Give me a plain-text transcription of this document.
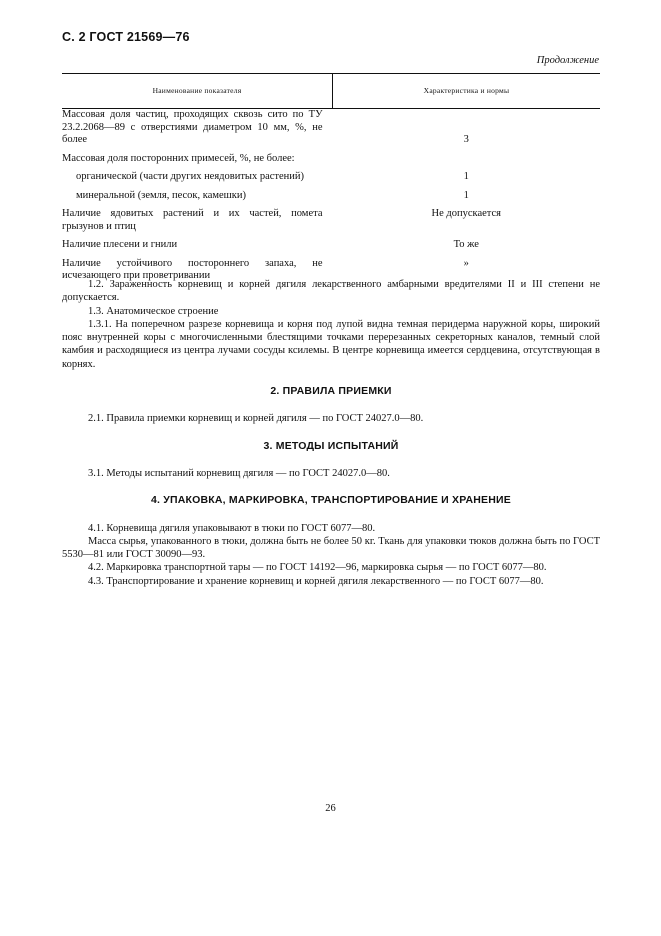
С. 2 ГОСТ 21569—76
Продолжение
Наименование показателя	Характеристика и нормы
Массовая доля частиц, проходящих сквозь сито по ТУ 23.2.2068—89 с отверстиями диаметром 10 мм, %, не более	3
Массовая доля посторонних примесей, %, не более:	
органической (части других неядовитых растений)	1
минеральной (земля, песок, камешки)	1
Наличие ядовитых растений и их частей, помета грызунов и птиц	Не допускается
Наличие плесени и гнили	То же
Наличие устойчивого постороннего запаха, не исчезающего при проветривании	»

1.2. Зараженность корневищ и корней дягиля лекарственного амбарными вредителями II и III степени не допускается.

1.3. Анатомическое строение

1.3.1. На поперечном разрезе корневища и корня под лупой видна темная перидерма наружной коры, широкий пояс внутренней коры с многочисленными блестящими точками перерезанных секреторных каналов, темный слой камбия и расходящиеся из центра лучами сосуды ксилемы. В центре корневища имеется сердцевина, отсутствующая в корнях.

2. ПРАВИЛА ПРИЕМКИ

2.1. Правила приемки корневищ и корней дягиля — по ГОСТ 24027.0—80.

3. МЕТОДЫ ИСПЫТАНИЙ

3.1. Методы испытаний корневищ дягиля — по ГОСТ 24027.0—80.

4. УПАКОВКА, МАРКИРОВКА, ТРАНСПОРТИРОВАНИЕ И ХРАНЕНИЕ

4.1. Корневища дягиля упаковывают в тюки по ГОСТ 6077—80.

Масса сырья, упакованного в тюки, должна быть не более 50 кг. Ткань для упаковки тюков должна быть по ГОСТ 5530—81 или ГОСТ 30090—93.

4.2. Маркировка транспортной тары — по ГОСТ 14192—96, маркировка сырья — по ГОСТ 6077—80.

4.3. Транспортирование и хранение корневищ и корней дягиля лекарственного — по ГОСТ 6077—80.

26
